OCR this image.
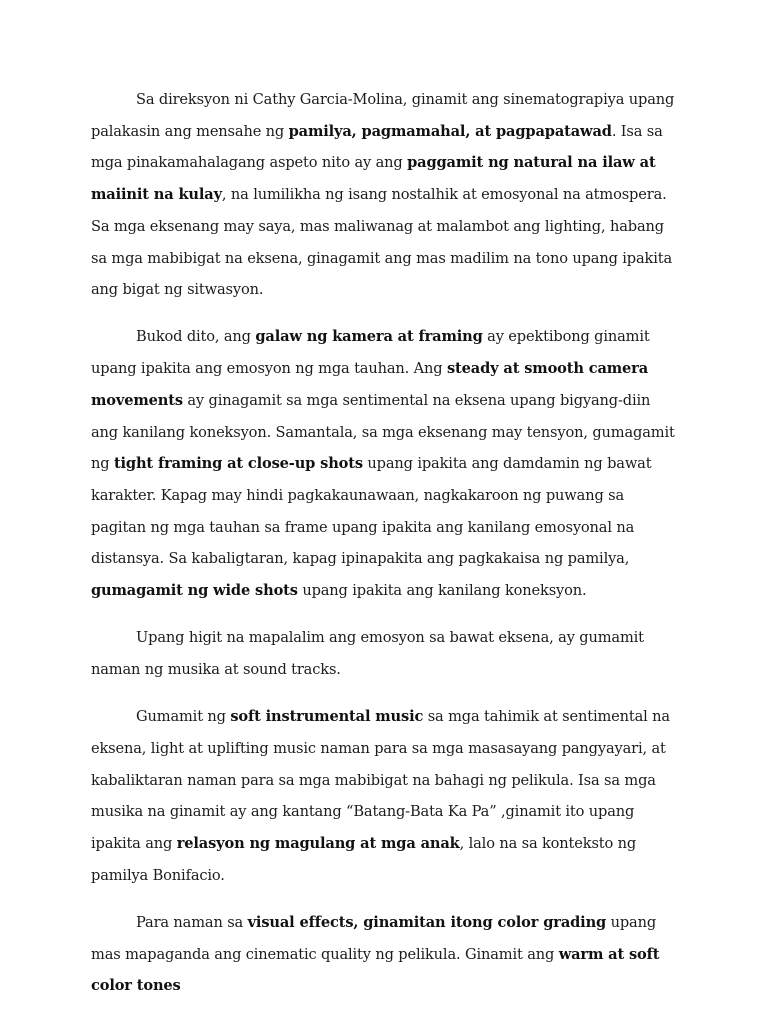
Sa direksyon ni Cathy Garcia-Molina, ginamit ang sinematograpiya upang palakasin ang mensahe ng pamilya, pagmamahal, at pagpapatawad. Isa sa mga pinakamahalagang aspeto nito ay ang paggamit ng natural na ilaw at maiinit na kulay, na lumilikha ng isang nostalhik at emosyonal na atmospera. Sa mga eksenang may saya, mas maliwanag at malambot ang lighting, habang sa mga mabibigat na eksena, ginagamit ang mas madilim na tono upang ipakita ang bigat ng sitwasyon.

Bukod dito, ang galaw ng kamera at framing ay epektibong ginamit upang ipakita ang emosyon ng mga tauhan. Ang steady at smooth camera movements ay ginagamit sa mga sentimental na eksena upang bigyang-diin ang kanilang koneksyon. Samantala, sa mga eksenang may tensyon, gumagamit ng tight framing at close-up shots upang ipakita ang damdamin ng bawat karakter. Kapag may hindi pagkakaunawaan, nagkakaroon ng puwang sa pagitan ng mga tauhan sa frame upang ipakita ang kanilang emosyonal na distansya. Sa kabaligtaran, kapag ipinapakita ang pagkakaisa ng pamilya, gumagamit ng wide shots upang ipakita ang kanilang koneksyon.

Upang higit na mapalalim ang emosyon sa bawat eksena, ay gumamit naman ng musika at sound tracks.

Gumamit ng soft instrumental music sa mga tahimik at sentimental na eksena, light at uplifting music naman para sa mga masasayang pangyayari, at kabaliktaran naman para sa mga mabibigat na bahagi ng pelikula. Isa sa mga musika na ginamit ay ang kantang “Batang-Bata Ka Pa” ,ginamit ito upang ipakita ang relasyon ng magulang at mga anak, lalo na sa konteksto ng pamilya Bonifacio.

Para naman sa visual effects, ginamitan itong color grading upang mas mapaganda ang cinematic quality ng pelikula. Ginamit ang warm at soft color tones
